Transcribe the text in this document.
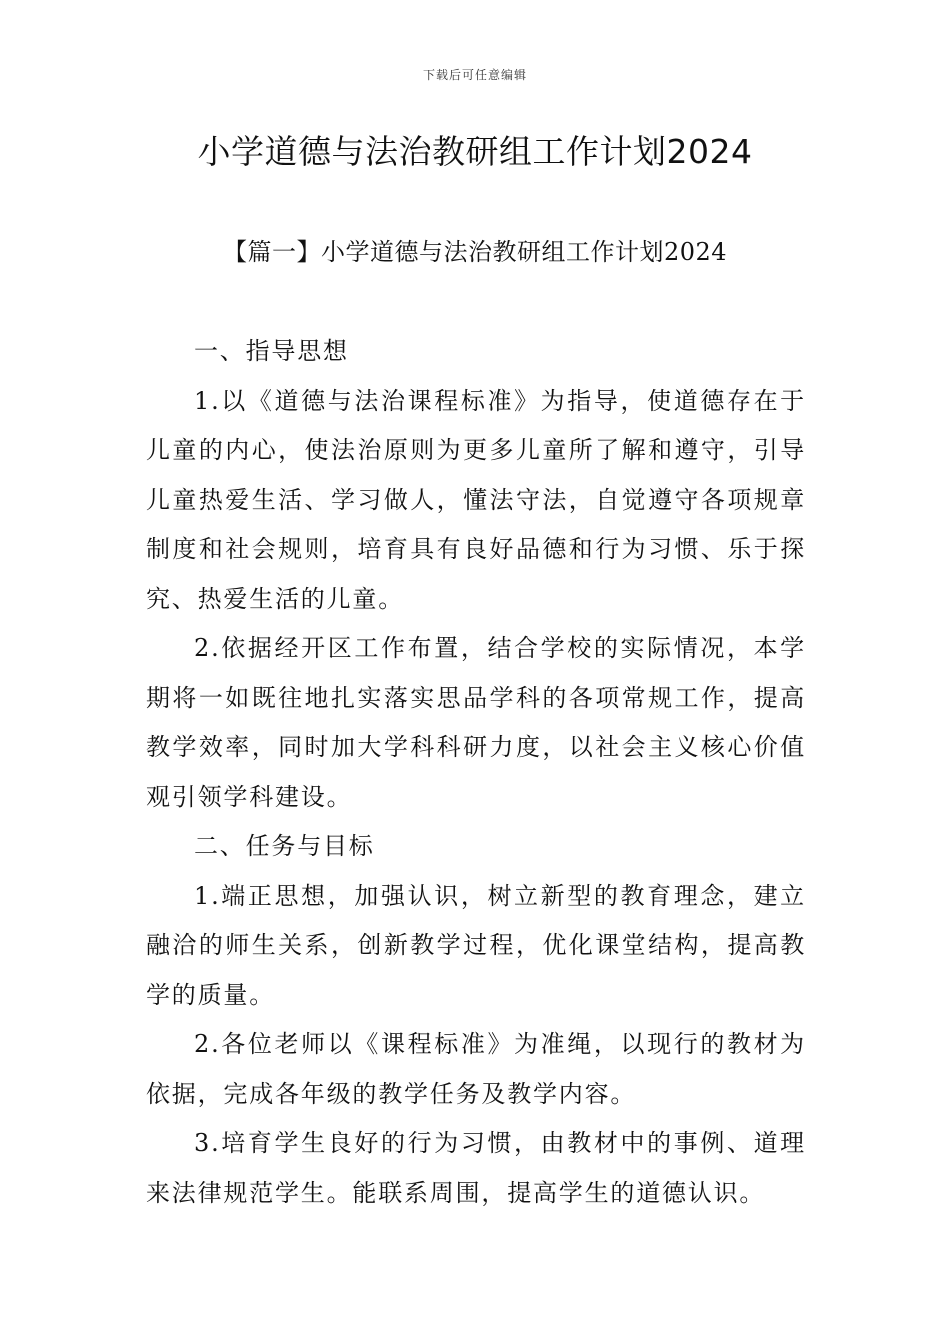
下载后可任意编辑
小学道德与法治教研组工作计划2024
【篇一】小学道德与法治教研组工作计划2024

一、指导思想

1.以《道德与法治课程标准》为指导，使道德存在于儿童的内心，使法治原则为更多儿童所了解和遵守，引导儿童热爱生活、学习做人，懂法守法，自觉遵守各项规章制度和社会规则，培育具有良好品德和行为习惯、乐于探究、热爱生活的儿童。

2.依据经开区工作布置，结合学校的实际情况，本学期将一如既往地扎实落实思品学科的各项常规工作，提高教学效率，同时加大学科科研力度，以社会主义核心价值观引领学科建设。

二、任务与目标

1.端正思想，加强认识，树立新型的教育理念，建立融洽的师生关系，创新教学过程，优化课堂结构，提高教学的质量。

2.各位老师以《课程标准》为准绳，以现行的教材为依据，完成各年级的教学任务及教学内容。

3.培育学生良好的行为习惯，由教材中的事例、道理来法律规范学生。能联系周围，提高学生的道德认识。
